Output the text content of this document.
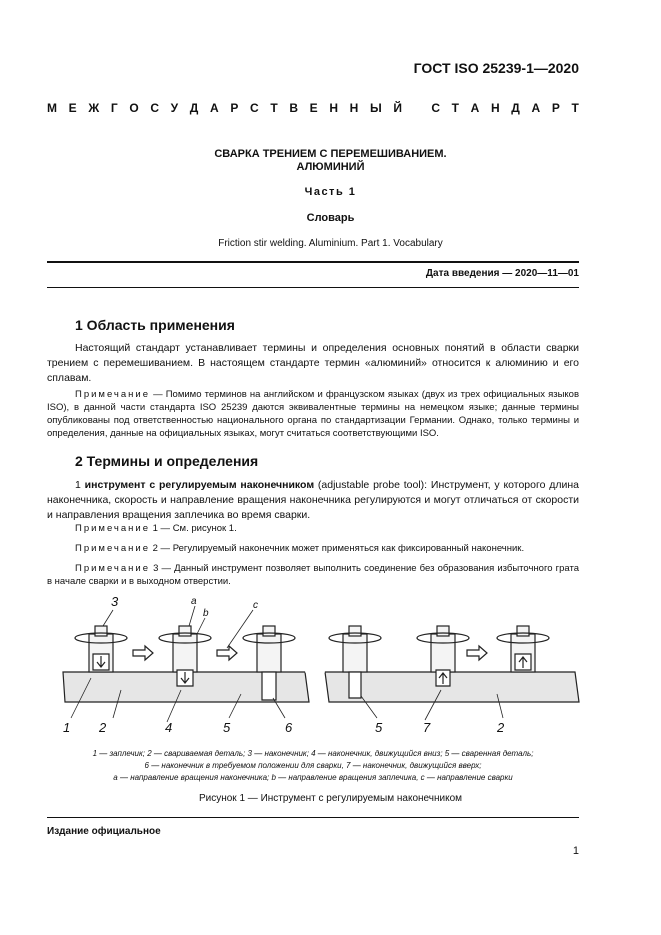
ГОСТ ISO 25239-1—2020
М Е Ж Г О С У Д А Р С Т В Е Н Н Ы Й С Т А Н Д А Р Т
СВАРКА ТРЕНИЕМ С ПЕРЕМЕШИВАНИЕМ.
АЛЮМИНИЙ
Часть 1
Словарь
Friction stir welding. Aluminium. Part 1. Vocabulary
Дата введения — 2020—11—01
1 Область применения
Настоящий стандарт устанавливает термины и определения основных понятий в области сварки трением с перемешиванием. В настоящем стандарте термин «алюминий» относится к алюминию и его сплавам.
Примечание — Помимо терминов на английском и французском языках (двух из трех официальных языков ISO), в данной части стандарта ISO 25239 даются эквивалентные термины на немецком языке; данные термины опубликованы под ответственностью национального органа по стандартизации Германии. Однако, только термины и определения, данные на официальных языках, могут считаться соответствующими ISO.
2 Термины и определения
1 инструмент с регулируемым наконечником (adjustable probe tool): Инструмент, у которого длина наконечника, скорость и направление вращения наконечника регулируются и могут отличаться от скорости и направления вращения заплечика во время сварки.
Примечание 1 — См. рисунок 1.
Примечание 2 — Регулируемый наконечник может применяться как фиксированный наконечник.
Примечание 3 — Данный инструмент позволяет выполнить соединение без образования избыточного грата в начале сварки и в выходном отверстии.
3
1 2	4	5	6	5	7	2
a
b
c
1 — заплечик; 2 — свариваемая деталь; 3 — наконечник; 4 — наконечник, движущийся вниз; 5 — сваренная деталь;
6 — наконечник в требуемом положении для сварки, 7 — наконечник, движущийся вверх;
a — направление вращения наконечника; b — направление вращения заплечика, c — направление сварки
Рисунок 1 — Инструмент с регулируемым наконечником
Издание официальное
1
